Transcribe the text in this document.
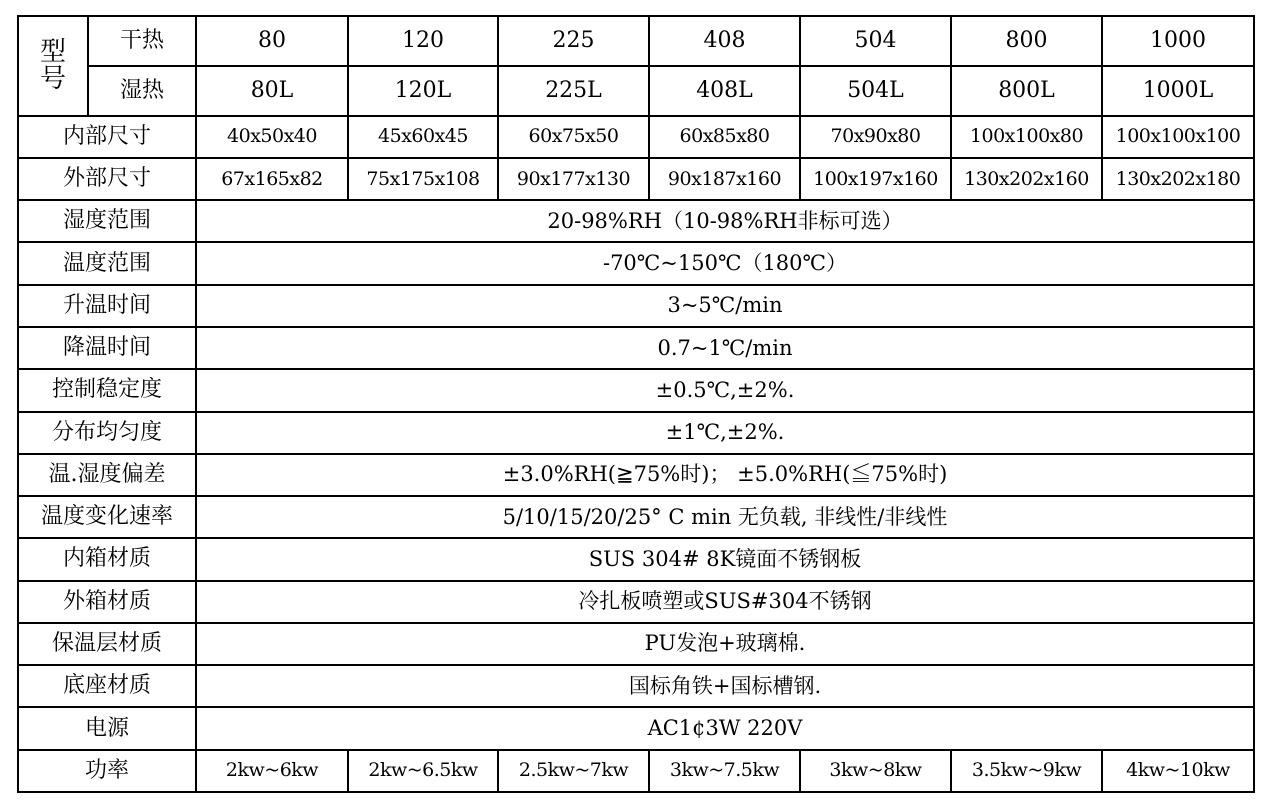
型
号	干热	80	120	225	408	504	800	1000
	湿热	80L	120L	225L	408L	504L	800L	1000L
内部尺寸		40x50x40	45x60x45	60x75x50	60x85x80	70x90x80	100x100x80	100x100x100
外部尺寸		67x165x82	75x175x108	90x177x130	90x187x160	100x197x160	130x202x160	130x202x180
湿度范围		20-98%RH（10-98%RH非标可选）						
温度范围		-70℃~150℃（180℃）						
升温时间		3~5℃/min						
降温时间		0.7~1℃/min						
控制稳定度		±0.5℃,±2%.						
分布均匀度		±1℃,±2%.						
温.湿度偏差		±3.0%RH(≧75%时)； ±5.0%RH(≦75%时)						
温度变化速率		5/10/15/20/25° C min 无负载, 非线性/非线性						
内箱材质		SUS 304# 8K镜面不锈钢板						
外箱材质		冷扎板喷塑或SUS#304不锈钢						
保温层材质		PU发泡+玻璃棉.						
底座材质		国标角铁+国标槽钢.						
电源		AC1¢3W 220V						
功率		2kw~6kw	2kw~6.5kw	2.5kw~7kw	3kw~7.5kw	3kw~8kw	3.5kw~9kw	4kw~10kw
